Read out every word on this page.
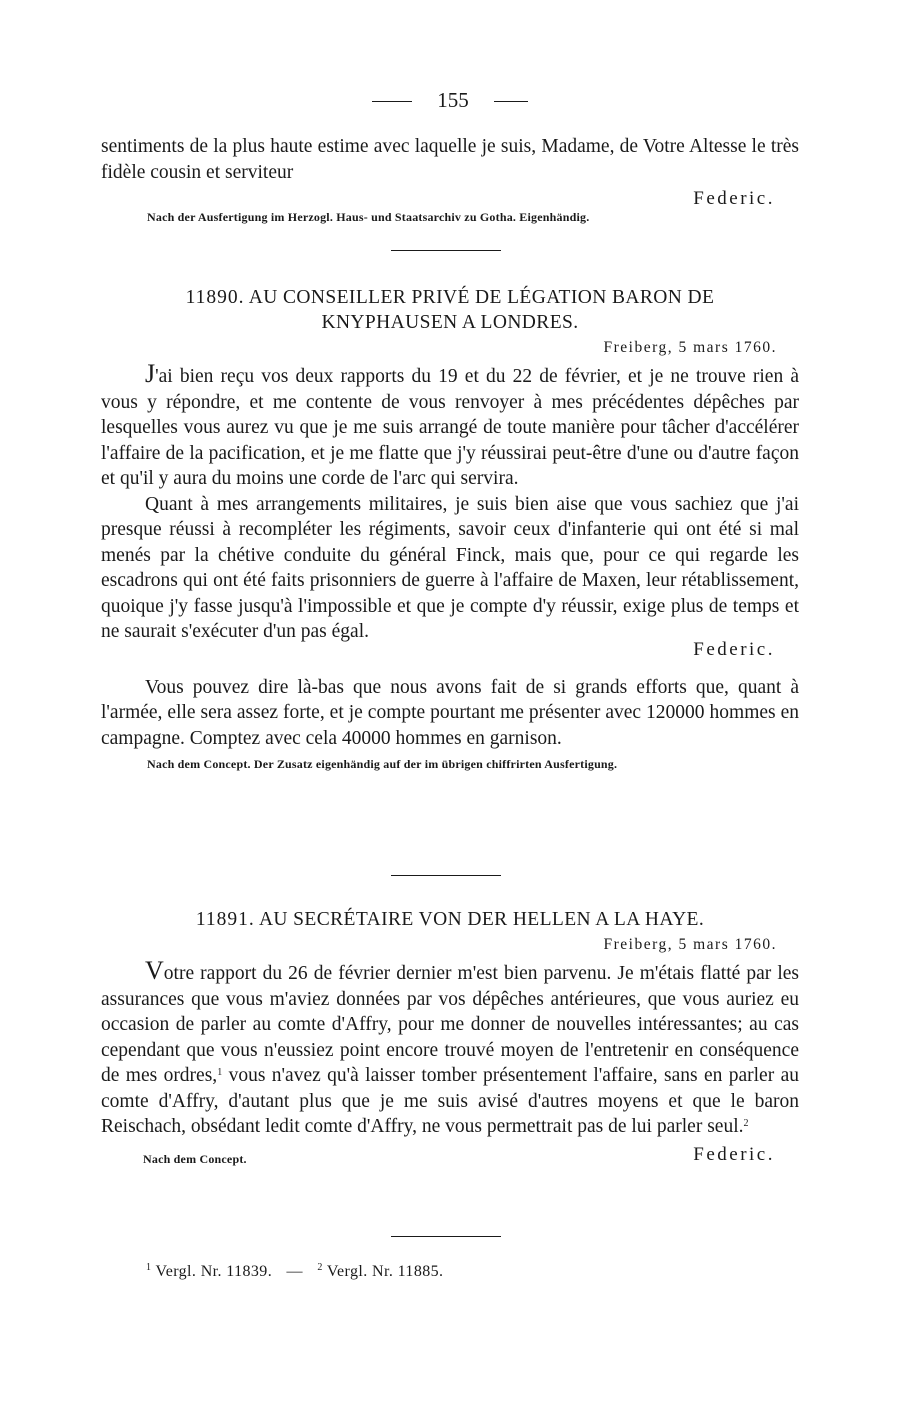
155

sentiments de la plus haute estime avec laquelle je suis, Madame, de Votre Altesse le très fidèle cousin et serviteur

Federic.
Nach der Ausfertigung im Herzogl. Haus- und Staatsarchiv zu Gotha. Eigenhändig.
11890. AU CONSEILLER PRIVÉ DE LÉGATION BARON DE
KNYPHAUSEN A LONDRES.
Freiberg, 5 mars 1760.

J'ai bien reçu vos deux rapports du 19 et du 22 de février, et je ne trouve rien à vous y répondre, et me contente de vous renvoyer à mes précédentes dépêches par lesquelles vous aurez vu que je me suis arrangé de toute manière pour tâcher d'accélérer l'affaire de la pacification, et je me flatte que j'y réussirai peut-être d'une ou d'autre façon et qu'il y aura du moins une corde de l'arc qui servira.

Quant à mes arrangements militaires, je suis bien aise que vous sachiez que j'ai presque réussi à recompléter les régiments, savoir ceux d'infanterie qui ont été si mal menés par la chétive conduite du général Finck, mais que, pour ce qui regarde les escadrons qui ont été faits prisonniers de guerre à l'affaire de Maxen, leur rétablissement, quoique j'y fasse jusqu'à l'impossible et que je compte d'y réussir, exige plus de temps et ne saurait s'exécuter d'un pas égal.

Federic.

Vous pouvez dire là-bas que nous avons fait de si grands efforts que, quant à l'armée, elle sera assez forte, et je compte pourtant me présenter avec 120000 hommes en campagne. Comptez avec cela 40000 hommes en garnison.

Nach dem Concept. Der Zusatz eigenhändig auf der im übrigen chiffrirten Ausfertigung.
11891. AU SECRÉTAIRE VON DER HELLEN A LA HAYE.
Freiberg, 5 mars 1760.

Votre rapport du 26 de février dernier m'est bien parvenu. Je m'étais flatté par les assurances que vous m'aviez données par vos dépêches antérieures, que vous auriez eu occasion de parler au comte d'Affry, pour me donner de nouvelles intéressantes; au cas cependant que vous n'eussiez point encore trouvé moyen de l'entretenir en conséquence de mes ordres,$^1$ vous n'avez qu'à laisser tomber présentement l'affaire, sans en parler au comte d'Affry, d'autant plus que je me suis avisé d'autres moyens et que le baron Reischach, obsédant ledit comte d'Affry, ne vous permettrait pas de lui parler seul.$^2$

Nach dem Concept.	Federic.
$^1$ Vergl. Nr. 11839. — $^2$ Vergl. Nr. 11885.
